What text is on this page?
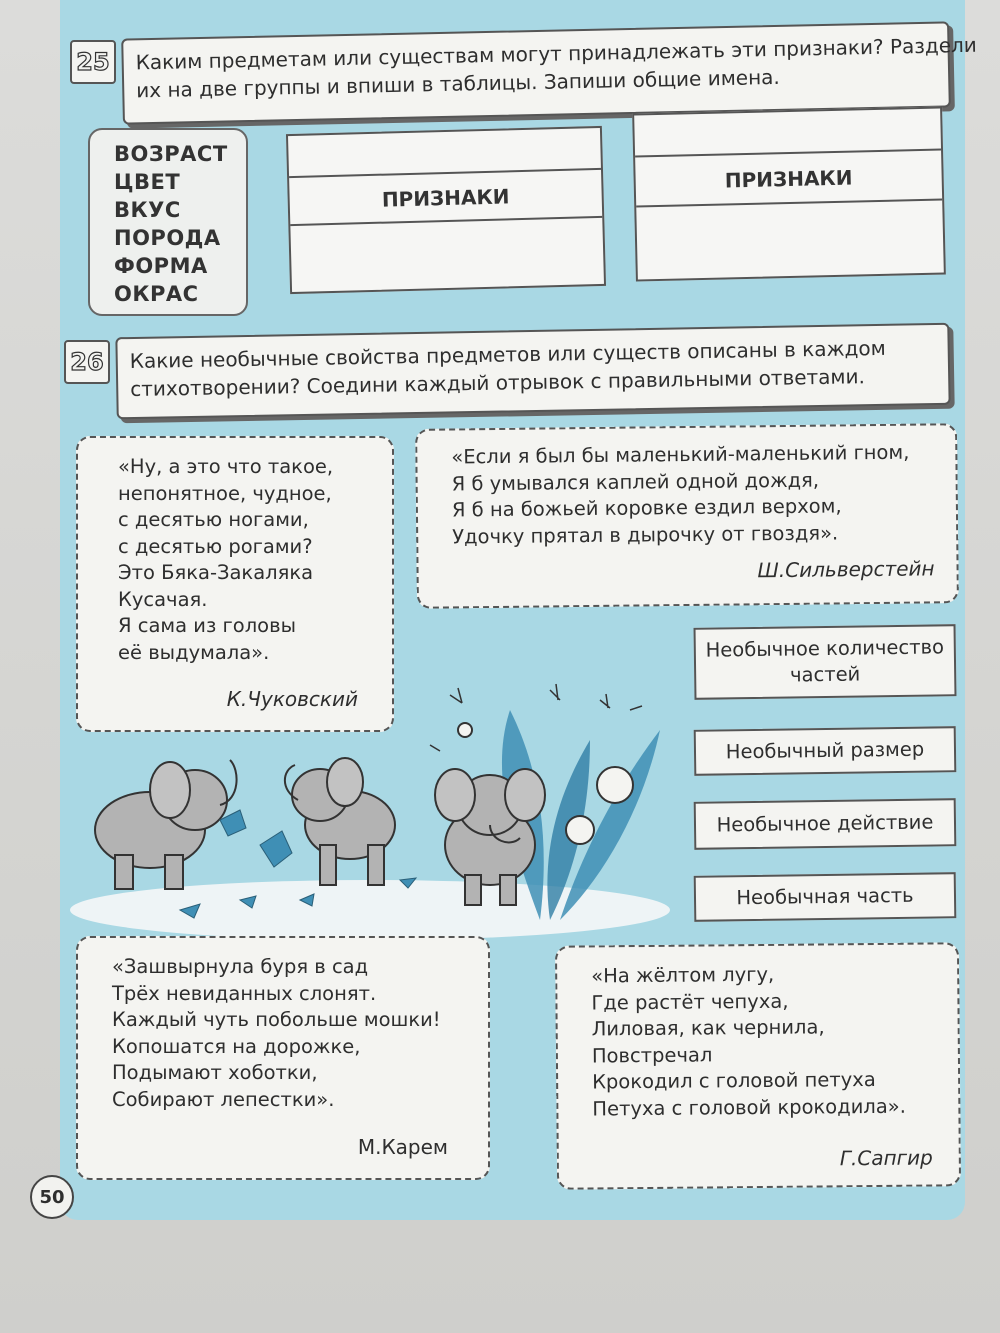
25	Каким предметам или существам могут принадлежать эти признаки? Раздели
их на две группы и впиши в таблицы. Запиши общие имена.
ВОЗРАСТ
ЦВЕТ
ВКУС
ПОРОДА
ФОРМА
ОКРАС
ПРИЗНАКИ
ПРИЗНАКИ
26	Какие необычные свойства предметов или существ описаны в каждом
стихотворении? Соедини каждый отрывок с правильными ответами.
«Ну, а это что такое,
непонятное, чудное,
с десятью ногами,
с десятью рогами?
Это Бяка-Закаляка
Кусачая.
Я сама из головы
её выдумала».
К.Чуковский
«Если я был бы маленький-маленький гном,
Я б умывался каплей одной дождя,
Я б на божьей коровке ездил верхом,
Удочку прятал в дырочку от гвоздя».
Ш.Сильверстейн
Необычное количество
частей
Необычный размер
Необычное действие
Необычная часть
«Зашвырнула буря в сад
Трёх невиданных слонят.
Каждый чуть побольше мошки!
Копошатся на дорожке,
Подымают хоботки,
Собирают лепестки».
М.Карем
«На жёлтом лугу,
Где растёт чепуха,
Лиловая, как чернила,
Повстречал
Крокодил с головой петуха
Петуха с головой крокодила».
Г.Сапгир
50
